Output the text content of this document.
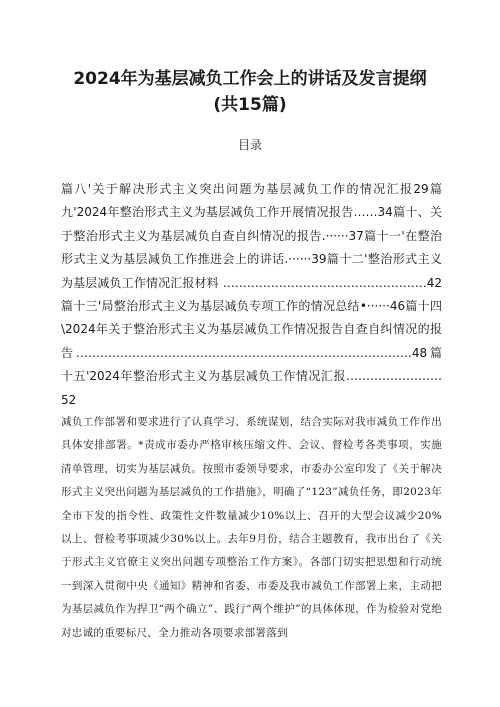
2024年为基层减负工作会上的讲话及发言提纲
(共15篇)
目录
篇八'关于解决形式主义突出问题为基层减负工作的情况汇报29篇九'2024年整治形式主义为基层减负工作开展情况报告……34篇十、关于整治形式主义为基层减负自查自纠情况的报告.······37篇十一'在整治形式主义为基层减负工作推进会上的讲话.······39篇十二'整治形式主义为基层减负工作情况汇报材料 ……………………………………………42篇十三'局整治形式主义为基层减负专项工作的情况总结•······46篇十四\2024年关于整治形式主义为基层减负工作情况报告自查自纠情况的报告…………………………………………………………………………48篇十五'2024年整治形式主义为基层减负工作情况汇报……………………52
减负工作部署和要求进行了认真学习、系统谋划，结合实际对我市减负工作作出具体安排部署。*责成市委办严格审核压缩文件、会议、督检考各类事项，实施清单管理，切实为基层减负。按照市委领导要求，市委办公室印发了《关于解决形式主义突出问题为基层减负的工作措施》，明确了“123”减负任务，即2023年全市下发的指令性、政策性文件数量减少10%以上、召开的大型会议减少20%以上、督检考事项减少30%以上。去年9月份，结合主题教育，我市出台了《关于形式主义官僚主义突出问题专项整治工作方案》。各部门切实把思想和行动统一到深入贯彻中央《通知》精神和省委、市委及我市减负工作部署上来，主动把为基层减负作为捍卫“两个确立”、践行“两个维护”的具体体现，作为检验对党绝对忠诚的重要标尺，全力推动各项要求部署落到
